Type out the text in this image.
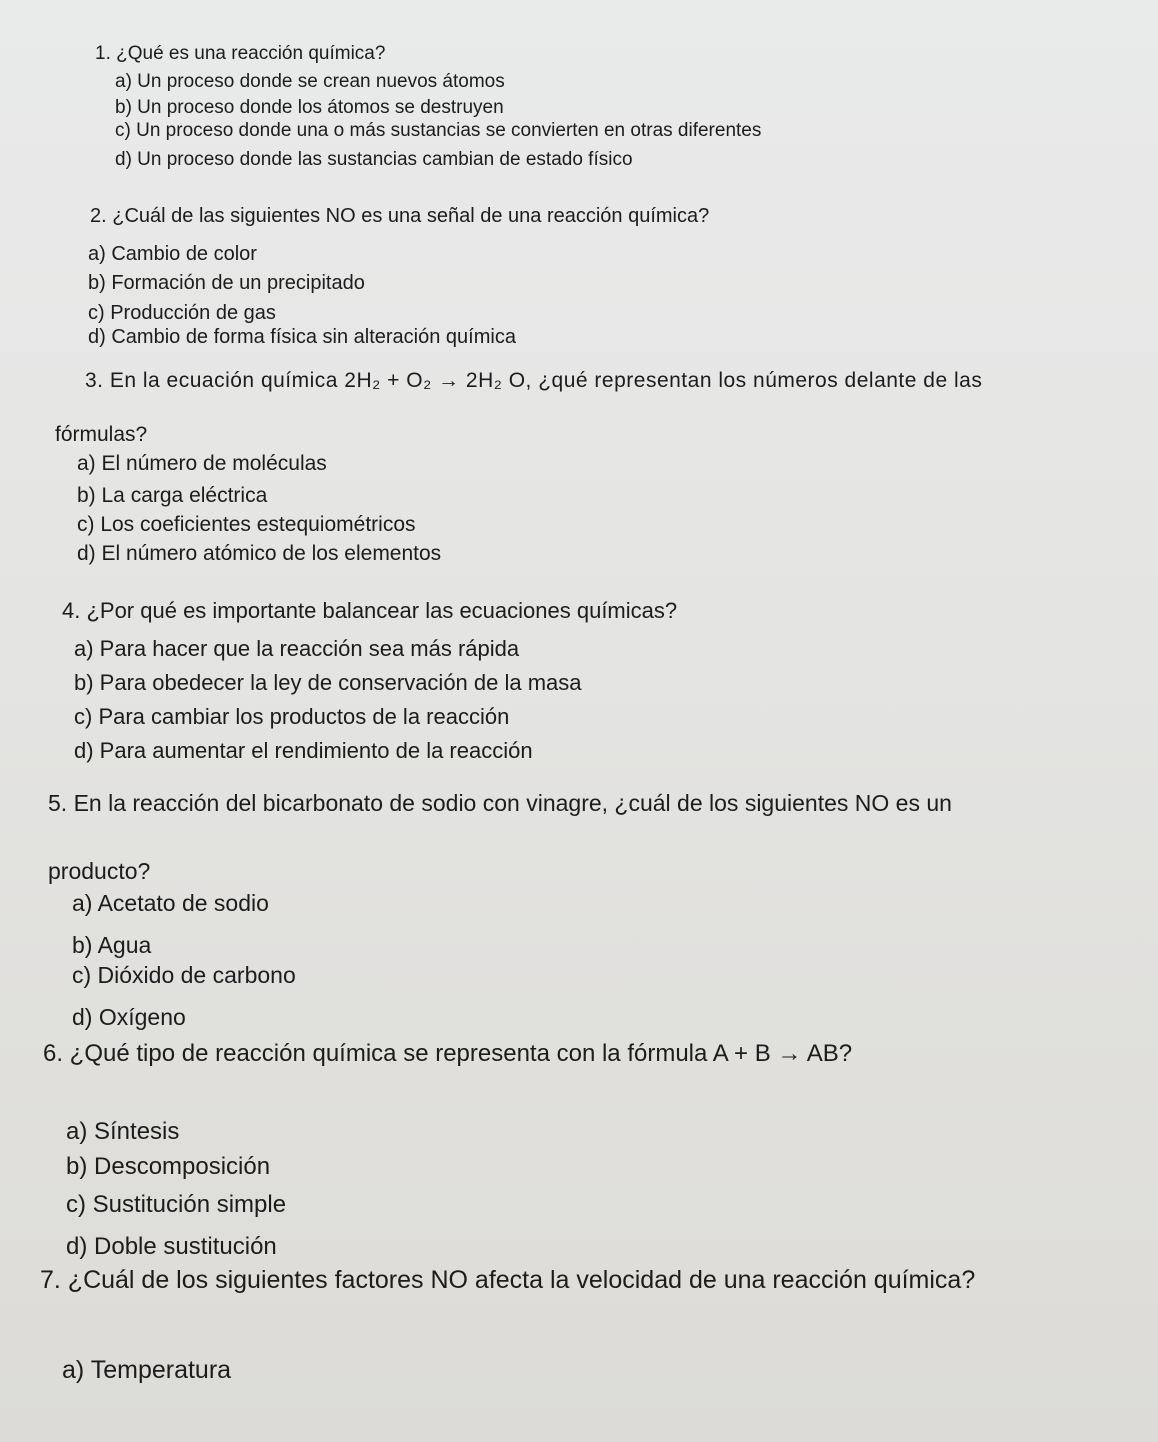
1. ¿Qué es una reacción química?
a) Un proceso donde se crean nuevos átomos
b) Un proceso donde los átomos se destruyen
c) Un proceso donde una o más sustancias se convierten en otras diferentes
d) Un proceso donde las sustancias cambian de estado físico
2. ¿Cuál de las siguientes NO es una señal de una reacción química?
a) Cambio de color
b) Formación de un precipitado
c) Producción de gas
d) Cambio de forma física sin alteración química
3. En la ecuación química 2H₂ + O₂ → 2H₂ O, ¿qué representan los números delante de las
fórmulas?
a) El número de moléculas
b) La carga eléctrica
c) Los coeficientes estequiométricos
d) El número atómico de los elementos
4. ¿Por qué es importante balancear las ecuaciones químicas?
a) Para hacer que la reacción sea más rápida
b) Para obedecer la ley de conservación de la masa
c) Para cambiar los productos de la reacción
d) Para aumentar el rendimiento de la reacción
5. En la reacción del bicarbonato de sodio con vinagre, ¿cuál de los siguientes NO es un
producto?
a) Acetato de sodio
b) Agua
c) Dióxido de carbono
d) Oxígeno
6. ¿Qué tipo de reacción química se representa con la fórmula A + B → AB?
a) Síntesis
b) Descomposición
c) Sustitución simple
d) Doble sustitución
7. ¿Cuál de los siguientes factores NO afecta la velocidad de una reacción química?
a) Temperatura
